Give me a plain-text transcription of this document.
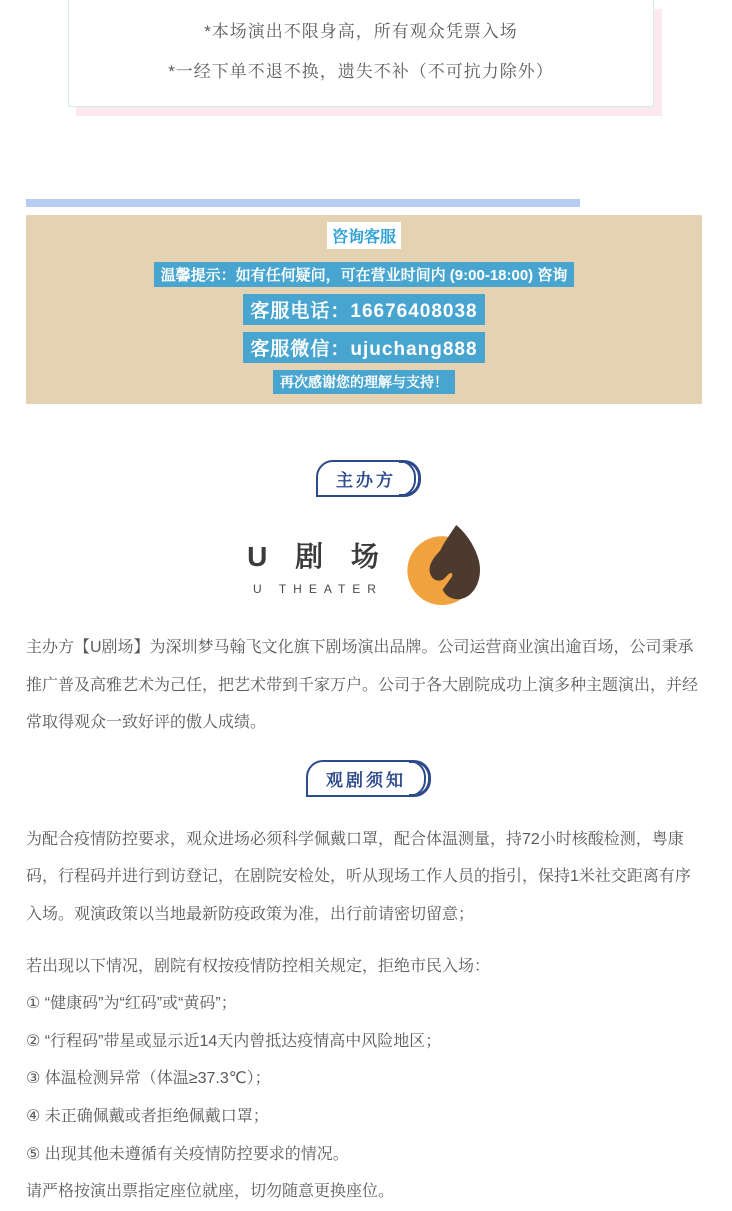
*本场演出不限身高，所有观众凭票入场

*一经下单不退不换，遗失不补（不可抗力除外）

咨询客服
温馨提示：如有任何疑问，可在营业时间内 (9:00-18:00) 咨询
客服电话：16676408038
客服微信：ujuchang888
再次感谢您的理解与支持！
主办方
U 剧 场
U THEATER

主办方【U剧场】为深圳梦马翰飞文化旗下剧场演出品牌。公司运营商业演出逾百场，公司秉承推广普及高雅艺术为己任，把艺术带到千家万户。公司于各大剧院成功上演多种主题演出，并经常取得观众一致好评的傲人成绩。

观剧须知

为配合疫情防控要求，观众进场必须科学佩戴口罩，配合体温测量，持72小时核酸检测，粤康码，行程码并进行到访登记，在剧院安检处，听从现场工作人员的指引，保持1米社交距离有序入场。观演政策以当地最新防疫政策为准，出行前请密切留意；

若出现以下情况，剧院有权按疫情防控相关规定，拒绝市民入场：

① “健康码”为“红码”或“黄码”；

② “行程码”带星或显示近14天内曾抵达疫情高中风险地区；

③ 体温检测异常（体温≥37.3℃）；

④ 未正确佩戴或者拒绝佩戴口罩；

⑤ 出现其他未遵循有关疫情防控要求的情况。

请严格按演出票指定座位就座，切勿随意更换座位。
